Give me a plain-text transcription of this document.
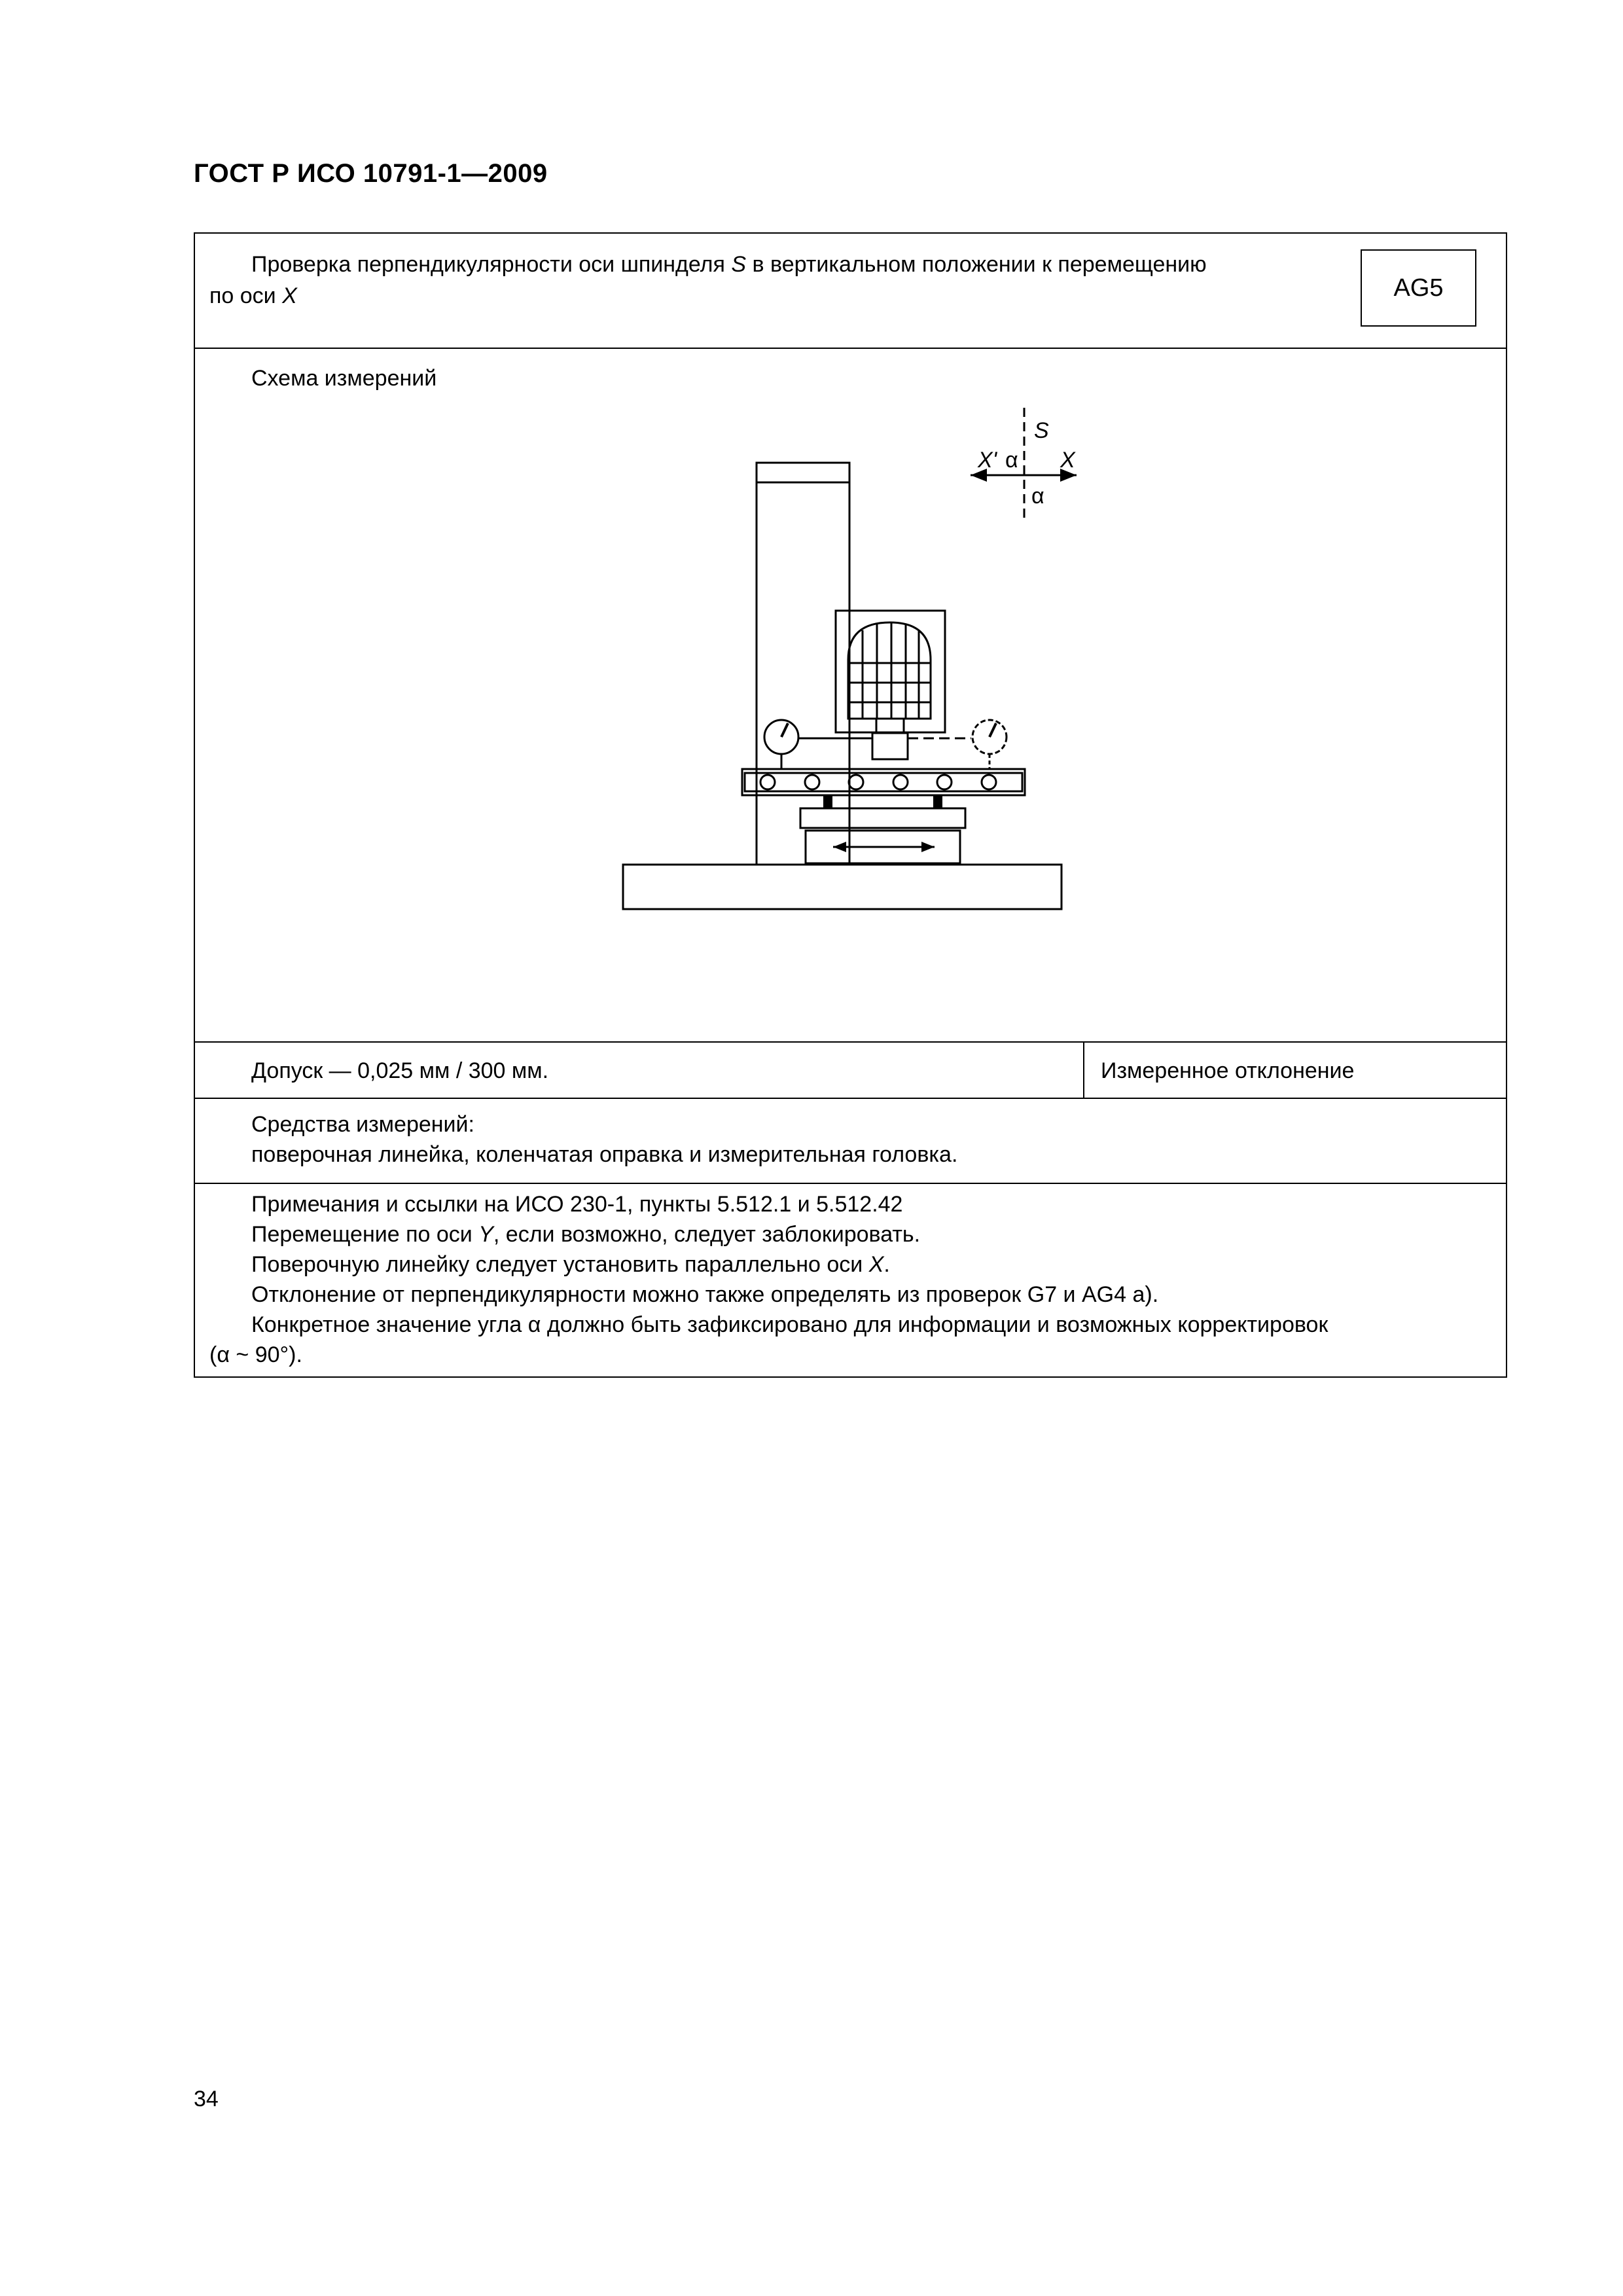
ГОСТ Р ИСО 10791-1—2009
Проверка перпендикулярности оси шпинделя S в вертикальном положении к перемещению
по оси X	AG5
Схема измерений
S
X' α X
α
Допуск — 0,025 мм / 300 мм.	Измеренное отклонение
Средства измерений:
поверочная линейка, коленчатая оправка и измерительная головка.
Примечания и ссылки на ИСО 230-1, пункты 5.512.1 и 5.512.42
Перемещение по оси Y, если возможно, следует заблокировать.
Поверочную линейку следует установить параллельно оси X.
Отклонение от перпендикулярности можно также определять из проверок G7 и AG4 a).
Конкретное значение угла α должно быть зафиксировано для информации и возможных корректировок
(α ~ 90°).
34
